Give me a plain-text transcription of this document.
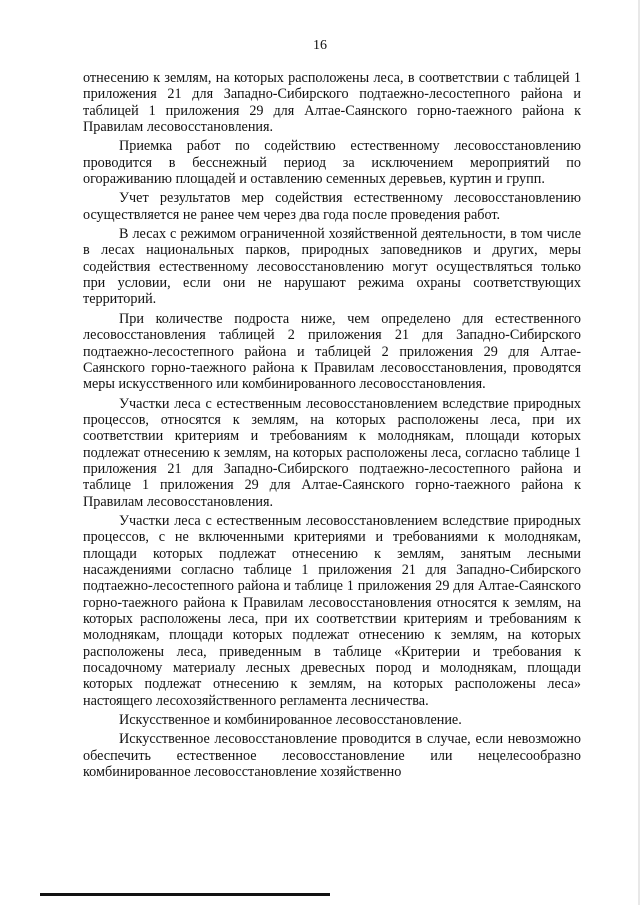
16

отнесению к землям, на которых расположены леса, в соответствии с таблицей 1 приложения 21 для Западно-Сибирского подтаежно-лесостепного района и таблицей 1 приложения 29 для Алтае-Саянского горно-таежного района к Правилам лесовосстановления.

Приемка работ по содействию естественному лесовосстановлению проводится в бесснежный период за исключением мероприятий по огораживанию площадей и оставлению семенных деревьев, куртин и групп.

Учет результатов мер содействия естественному лесовосстановлению осуществляется не ранее чем через два года после проведения работ.

В лесах с режимом ограниченной хозяйственной деятельности, в том числе в лесах национальных парков, природных заповедников и других, меры содействия естественному лесовосстановлению могут осуществляться только при условии, если они не нарушают режима охраны соответствующих территорий.

При количестве подроста ниже, чем определено для естественного лесовосстановления таблицей 2 приложения 21 для Западно-Сибирского подтаежно-лесостепного района и таблицей 2 приложения 29 для Алтае-Саянского горно-таежного района к Правилам лесовосстановления, проводятся меры искусственного или комбинированного лесовосстановления.

Участки леса с естественным лесовосстановлением вследствие природных процессов, относятся к землям, на которых расположены леса, при их соответствии критериям и требованиям к молоднякам, площади которых подлежат отнесению к землям, на которых расположены леса, согласно таблице 1 приложения 21 для Западно-Сибирского подтаежно-лесостепного района и таблице 1 приложения 29 для Алтае-Саянского горно-таежного района к Правилам лесовосстановления.

Участки леса с естественным лесовосстановлением вследствие природных процессов, с не включенными критериями и требованиями к молоднякам, площади которых подлежат отнесению к землям, занятым лесными насаждениями согласно таблице 1 приложения 21 для Западно-Сибирского подтаежно-лесостепного района и таблице 1 приложения 29 для Алтае-Саянского горно-таежного района к Правилам лесовосстановления относятся к землям, на которых расположены леса, при их соответствии критериям и требованиям к молоднякам, площади которых подлежат отнесению к землям, на которых расположены леса, приведенным в таблице «Критерии и требования к посадочному материалу лесных древесных пород и молоднякам, площади которых подлежат отнесению к землям, на которых расположены леса» настоящего лесохозяйственного регламента лесничества.

Искусственное и комбинированное лесовосстановление.

Искусственное лесовосстановление проводится в случае, если невозможно обеспечить естественное лесовосстановление или нецелесообразно комбинированное лесовосстановление хозяйственно
